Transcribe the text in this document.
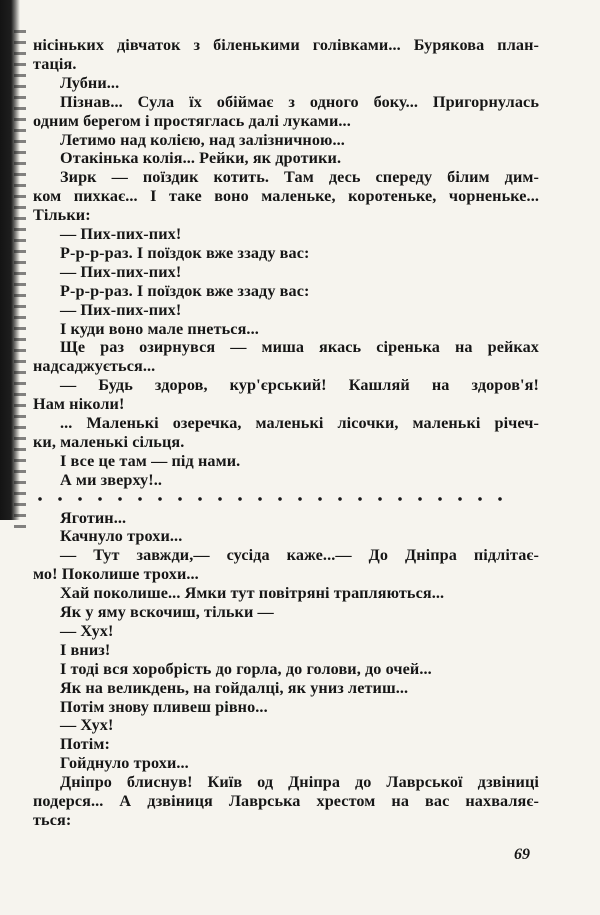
нісіньких дівчаток з біленькими голівками... Бурякова план-
тація.
Лубни...
Пізнав... Сула їх обіймає з одного боку... Пригорнулась
одним берегом і простяглась далі луками...
Летимо над колією, над залізничною...
Отакінька колія... Рейки, як дротики.
Зирк — поїздик котить. Там десь спереду білим дим-
ком пихкає... І таке воно маленьке, коротеньке, чорненьке...
Тільки:
— Пих-пих-пих!
Р-р-р-раз. І поїздок вже ззаду вас:
— Пих-пих-пих!
Р-р-р-раз. І поїздок вже ззаду вас:
— Пих-пих-пих!
І куди воно мале пнеться...
Ще раз озирнувся — миша якась сіренька на рейках
надсаджується...
— Будь здоров, кур'єрський! Кашляй на здоров'я!
Нам ніколи!
... Маленькі озеречка, маленькі лісочки, маленькі річеч-
ки, маленькі сільця.
І все це там — під нами.
А ми зверху!..
Яготин...
Качнуло трохи...
— Тут завжди,— сусіда каже...— До Дніпра підлітає-
мо! Поколише трохи...
Хай поколише... Ямки тут повітряні трапляються...
Як у яму вскочиш, тільки —
— Хух!
І вниз!
І тоді вся хоробрість до горла, до голови, до очей...
Як на великдень, на гойдалці, як униз летиш...
Потім знову пливеш рівно...
— Хух!
Потім:
Гойднуло трохи...
Дніпро блиснув! Київ од Дніпра до Лаврської дзвіниці
подерся... А дзвіниця Лаврська хрестом на вас нахваляє-
ться:
69
